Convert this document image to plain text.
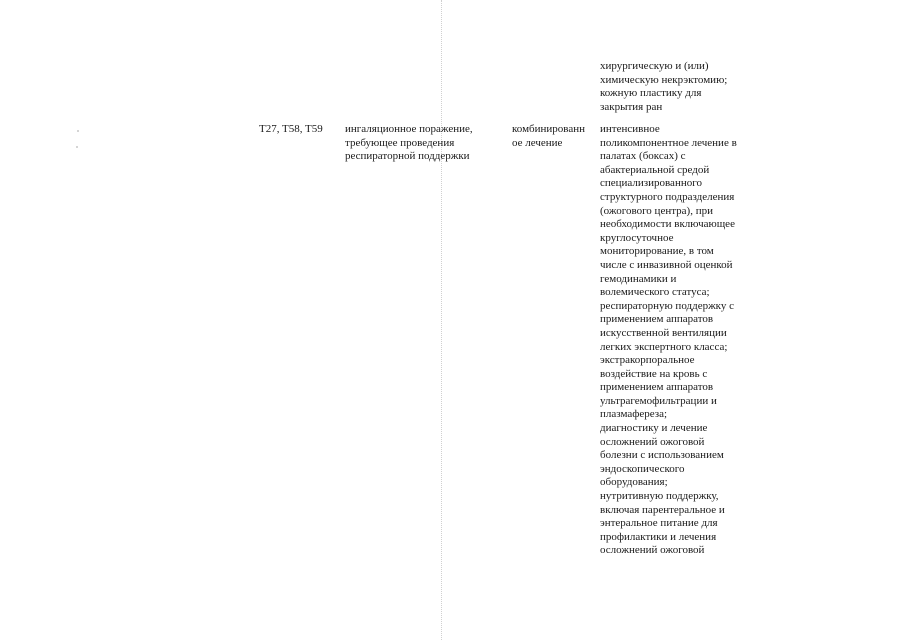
хирургическую и (или)
химическую некрэктомию;
кожную пластику для
закрытия ран
T27, T58, T59	ингаляционное поражение,
требующее проведения
респираторной поддержки
комбинированн
ое лечение
интенсивное
поликомпонентное лечение в
палатах (боксах) с
абактериальной средой
специализированного
структурного подразделения
(ожогового центра), при
необходимости включающее
круглосуточное
мониторирование, в том
числе с инвазивной оценкой
гемодинамики и
волемического статуса;
респираторную поддержку с
применением аппаратов
искусственной вентиляции
легких экспертного класса;
экстракорпоральное
воздействие на кровь с
применением аппаратов
ультрагемофильтрации и
плазмафереза;
диагностику и лечение
осложнений ожоговой
болезни с использованием
эндоскопического
оборудования;
нутритивную поддержку,
включая парентеральное и
энтеральное питание для
профилактики и лечения
осложнений ожоговой
